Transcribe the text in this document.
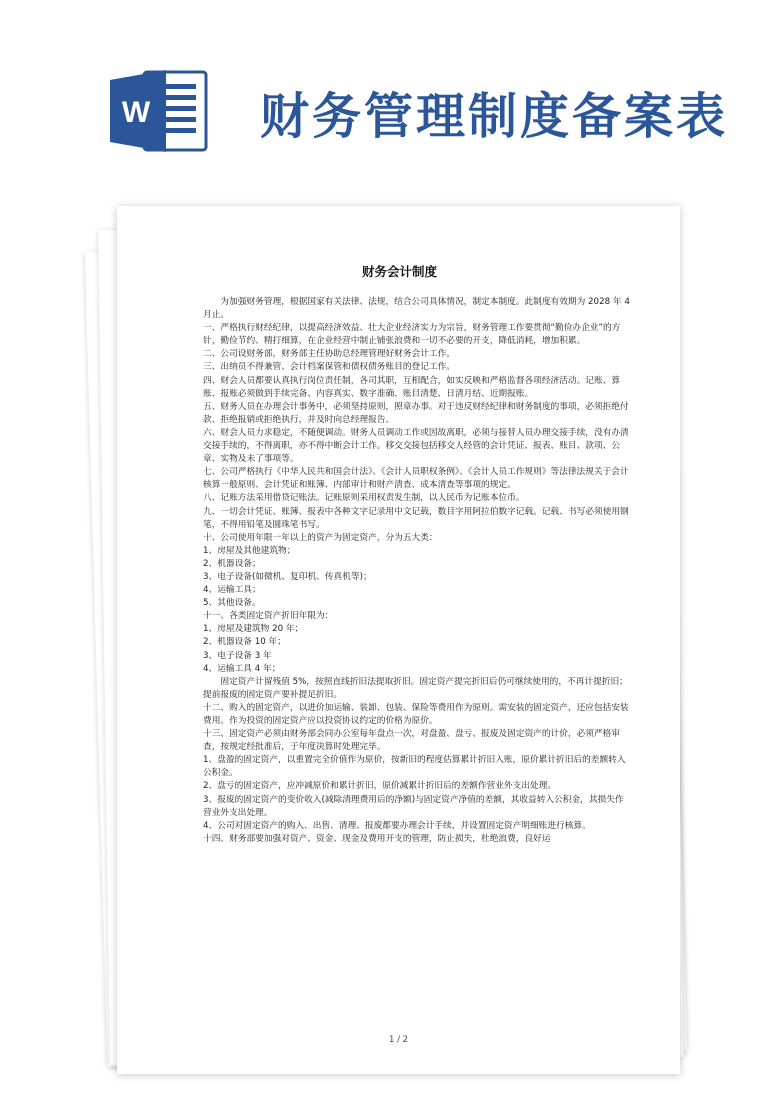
W 财务管理制度备案表
财务会计制度

为加强财务管理，根据国家有关法律、法规，结合公司具体情况，制定本制度。此制度有效期为 2028 年 4 月止。

一、严格执行财经纪律，以提高经济效益、壮大企业经济实力为宗旨，财务管理工作要贯彻“勤俭办企业”的方针，勤俭节约、精打细算，在企业经营中制止铺张浪费和一切不必要的开支，降低消耗，增加积累。

二、公司设财务部，财务部主任协助总经理管理好财务会计工作。

三、出纳员不得兼管、会计档案保管和债权债务账目的登记工作。

四、财会人员都要认真执行岗位责任制，各司其职，互相配合，如实反映和严格监督各项经济活动。记账、算账、报账必须做到手续完备、内容真实、数字准确、账目清楚、日清月结、近期报账。

五、财务人员在办理会计事务中，必须坚持原则，照章办事。对于违反财经纪律和财务制度的事项，必须拒绝付款、拒绝报销或拒绝执行，并及时向总经理报告。

六、财会人员力求稳定，不随便调动。财务人员调动工作或因故离职，必须与接替人员办理交接手续，没有办清交接手续的，不得离职，亦不得中断会计工作。移交交接包括移交人经管的会计凭证、报表、账目、款项、公章、实物及未了事项等。

七、公司严格执行《中华人民共和国会计法》、《会计人员职权条例》、《会计人员工作规则》等法律法规关于会计核算一般原则、会计凭证和账簿、内部审计和财产清查、成本清查等事项的规定。

八、记账方法采用借贷记账法。记账原则采用权责发生制，以人民币为记账本位币。

九、一切会计凭证、账簿、报表中各种文字记录用中文记载，数目字用阿拉伯数字记载。记载、书写必须使用钢笔，不得用铅笔及圆珠笔书写。

十、公司使用年限一年以上的资产为固定资产，分为五大类：

1、房屋及其他建筑物；

2、机器设备；

3、电子设备(如微机、复印机、传真机等)；

4、运输工具；

5、其他设备。

十一、各类固定资产折旧年限为：

1、房屋及建筑物 20 年；

2、机器设备 10 年；

3、电子设备 3 年

4、运输工具 4 年；

固定资产计留残值 5%，按照直线折旧法提取折旧。固定资产提完折旧后仍可继续使用的，不再计提折旧；提前报废的固定资产要补提足折旧。

十二、购入的固定资产，以进价加运输、装卸、包装、保险等费用作为原则。需安装的固定资产，还应包括安装费用。作为投资的固定资产应以投资协议约定的价格为原价。

十三、固定资产必须由财务部会同办公室每年盘点一次，对盘盈、盘亏、报废及固定资产的计价，必须严格审查，按规定经批准后，于年度决算时处理完毕。

1、盘盈的固定资产，以重置完全价值作为原价，按新旧的程度估算累计折旧入账，原价累计折旧后的差额转入公积金。

2、盘亏的固定资产，应冲减原价和累计折旧，原价减累计折旧后的差额作营业外支出处理。

3、报废的固定资产的变价收入(减除清理费用后的净额)与固定资产净值的差额，其收益转入公积金，其损失作营业外支出处理。

4、公司对固定资产的购入、出售、清理、报废都要办理会计手续，并设置固定资产明细账进行核算。

十四、财务部要加强对资产、资金、现金及费用开支的管理，防止损失，杜绝浪费，良好运

1 / 2
